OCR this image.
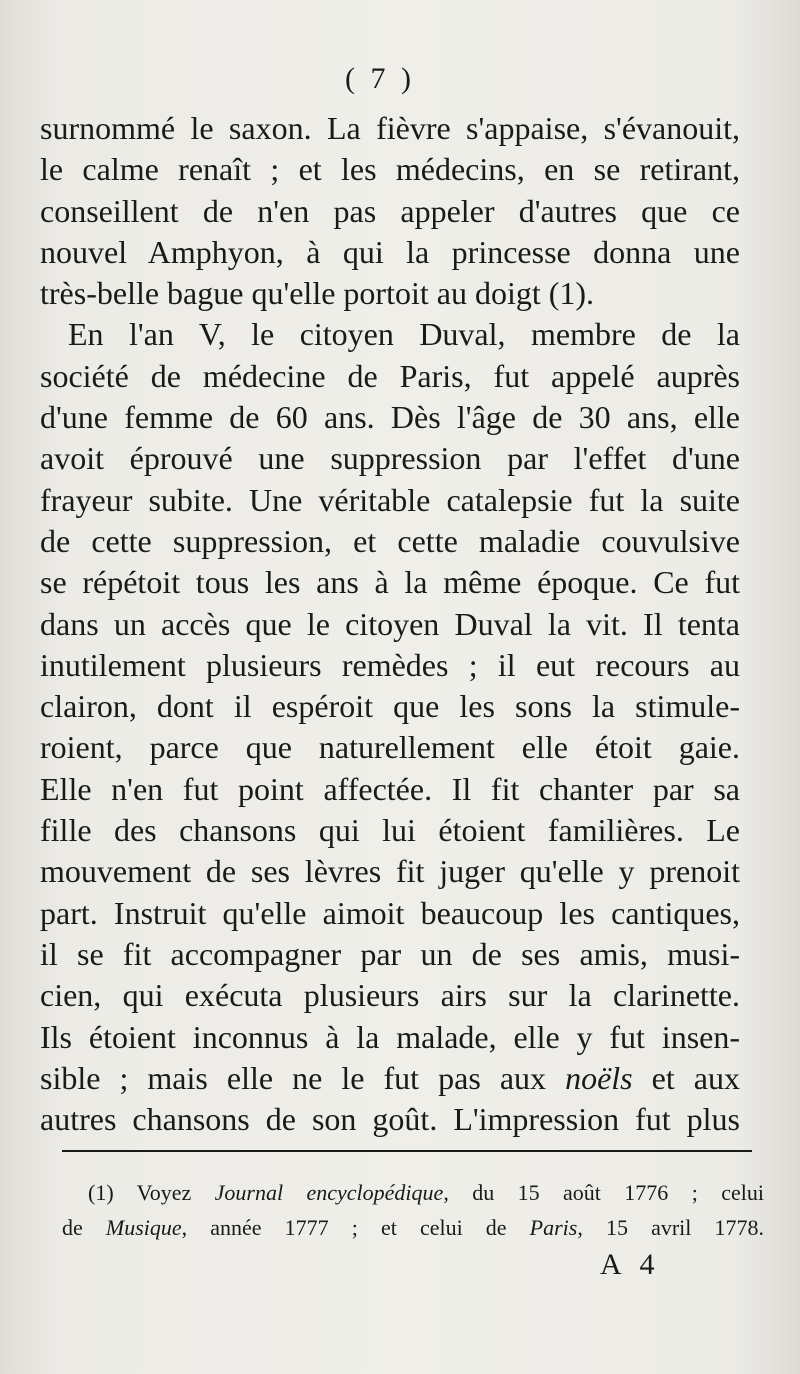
( 7 )
surnommé le saxon. La fièvre s'appaise, s'évanouit,
le calme renaît ; et les médecins, en se retirant,
conseillent de n'en pas appeler d'autres que ce
nouvel Amphyon, à qui la princesse donna une
très-belle bague qu'elle portoit au doigt (1).
En l'an V, le citoyen Duval, membre de la
société de médecine de Paris, fut appelé auprès
d'une femme de 60 ans. Dès l'âge de 30 ans, elle
avoit éprouvé une suppression par l'effet d'une
frayeur subite. Une véritable catalepsie fut la suite
de cette suppression, et cette maladie couvulsive
se répétoit tous les ans à la même époque. Ce fut
dans un accès que le citoyen Duval la vit. Il tenta
inutilement plusieurs remèdes ; il eut recours au
clairon, dont il espéroit que les sons la stimule-
roient, parce que naturellement elle étoit gaie.
Elle n'en fut point affectée. Il fit chanter par sa
fille des chansons qui lui étoient familières. Le
mouvement de ses lèvres fit juger qu'elle y prenoit
part. Instruit qu'elle aimoit beaucoup les cantiques,
il se fit accompagner par un de ses amis, musi-
cien, qui exécuta plusieurs airs sur la clarinette.
Ils étoient inconnus à la malade, elle y fut insen-
sible ; mais elle ne le fut pas aux noëls et aux
autres chansons de son goût. L'impression fut plus
(1) Voyez Journal encyclopédique, du 15 août 1776 ; celui
de Musique, année 1777 ; et celui de Paris, 15 avril 1778.
A 4
